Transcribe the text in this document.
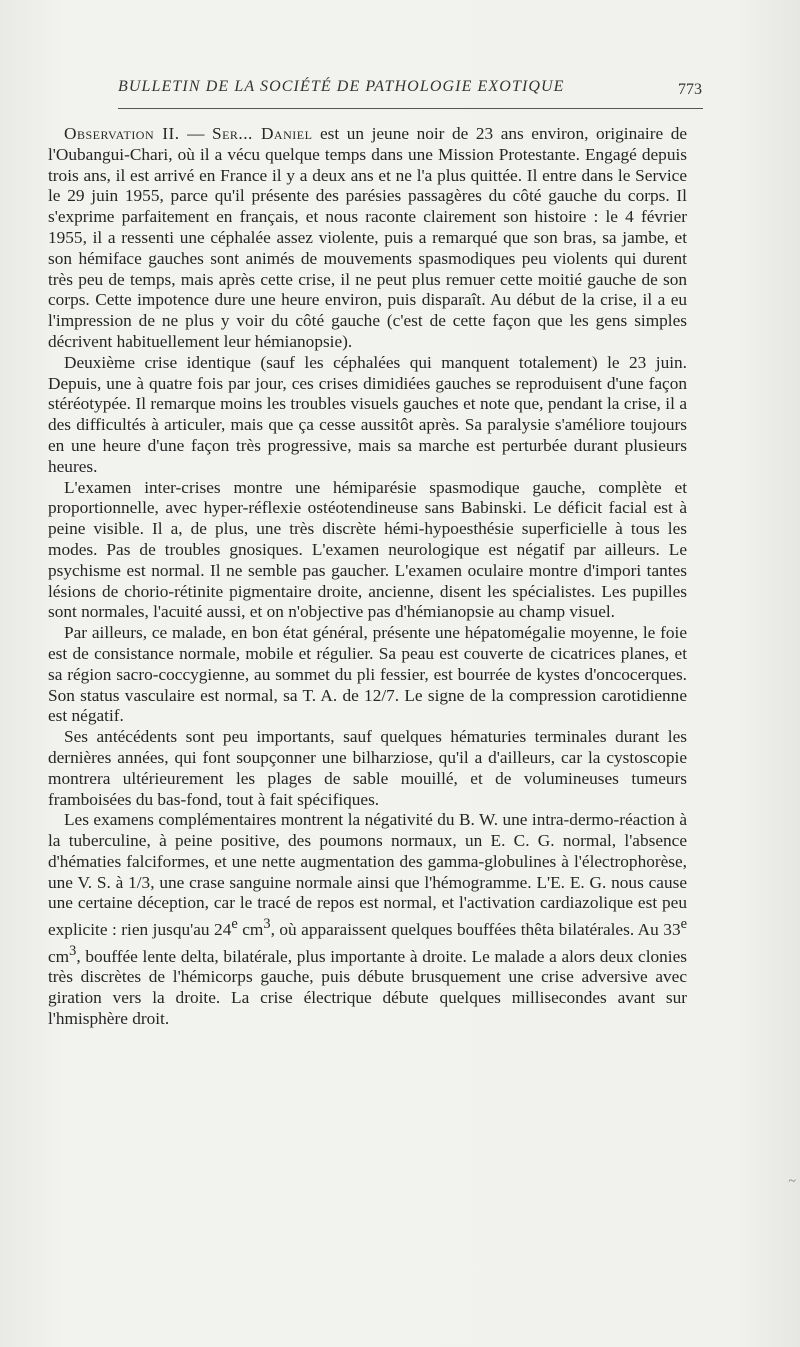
BULLETIN DE LA SOCIÉTÉ DE PATHOLOGIE EXOTIQUE	773

Observation II. — Ser... Daniel est un jeune noir de 23 ans environ, originaire de l'Oubangui-Chari, où il a vécu quelque temps dans une Mission Protestante. Engagé depuis trois ans, il est arrivé en France il y a deux ans et ne l'a plus quittée. Il entre dans le Service le 29 juin 1955, parce qu'il présente des parésies passagères du côté gauche du corps. Il s'exprime parfaitement en français, et nous raconte clairement son histoire : le 4 février 1955, il a ressenti une céphalée assez violente, puis a remarqué que son bras, sa jambe, et son hémiface gauches sont animés de mouvements spasmodiques peu violents qui durent très peu de temps, mais après cette crise, il ne peut plus remuer cette moitié gauche de son corps. Cette impotence dure une heure environ, puis disparaît. Au début de la crise, il a eu l'impression de ne plus y voir du côté gauche (c'est de cette façon que les gens simples décrivent habituellement leur hémianopsie).

Deuxième crise identique (sauf les céphalées qui manquent totalement) le 23 juin. Depuis, une à quatre fois par jour, ces crises dimidiées gauches se reproduisent d'une façon stéréotypée. Il remarque moins les troubles visuels gauches et note que, pendant la crise, il a des difficultés à articuler, mais que ça cesse aussitôt après. Sa paralysie s'améliore toujours en une heure d'une façon très progressive, mais sa marche est perturbée durant plusieurs heures.

L'examen inter-crises montre une hémiparésie spasmodique gauche, complète et proportionnelle, avec hyper-réflexie ostéotendineuse sans Babinski. Le déficit facial est à peine visible. Il a, de plus, une très discrète hémi-hypoesthésie superficielle à tous les modes. Pas de troubles gnosiques. L'examen neurologique est négatif par ailleurs. Le psychisme est normal. Il ne semble pas gaucher. L'examen oculaire montre d'impori tantes lésions de chorio-rétinite pigmentaire droite, ancienne, disent les spécialistes. Les pupilles sont normales, l'acuité aussi, et on n'objective pas d'hémianopsie au champ visuel.

Par ailleurs, ce malade, en bon état général, présente une hépatomégalie moyenne, le foie est de consistance normale, mobile et régulier. Sa peau est couverte de cicatrices planes, et sa région sacro-coccygienne, au sommet du pli fessier, est bourrée de kystes d'oncocerques. Son status vasculaire est normal, sa T. A. de 12/7. Le signe de la compression carotidienne est négatif.

Ses antécédents sont peu importants, sauf quelques hématuries terminales durant les dernières années, qui font soupçonner une bilharziose, qu'il a d'ailleurs, car la cystoscopie montrera ultérieurement les plages de sable mouillé, et de volumineuses tumeurs framboisées du bas-fond, tout à fait spécifiques.

Les examens complémentaires montrent la négativité du B. W. une intra-dermo-réaction à la tuberculine, à peine positive, des poumons normaux, un E. C. G. normal, l'absence d'hématies falciformes, et une nette augmentation des gamma-globulines à l'électrophorèse, une V. S. à 1/3, une crase sanguine normale ainsi que l'hémogramme. L'E. E. G. nous cause une certaine déception, car le tracé de repos est normal, et l'activation cardiazolique est peu explicite : rien jusqu'au 24e $cm^3$, où apparaissent quelques bouffées thêta bilatérales. Au 33e $cm^3$, bouffée lente delta, bilatérale, plus importante à droite. Le malade a alors deux clonies très discrètes de l'hémicorps gauche, puis débute brusquement une crise adversive avec giration vers la droite. La crise électrique débute quelques millisecondes avant sur l'hmisphère droit.

~
